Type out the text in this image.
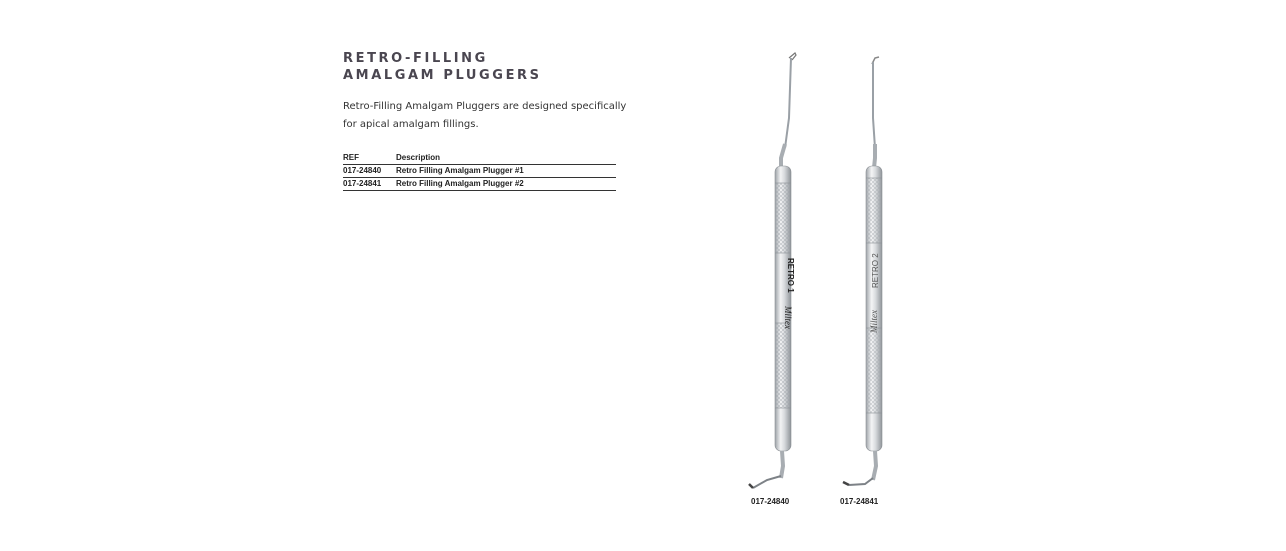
RETRO-FILLING
AMALGAM PLUGGERS
Retro-Filling Amalgam Pluggers are designed specifically for apical amalgam fillings.
REF	Description
017-24840	Retro Filling Amalgam Plugger #1
017-24841	Retro Filling Amalgam Plugger #2
RETRO 1
Miltex
017-24840
RETRO 2
Miltex
017-24841
